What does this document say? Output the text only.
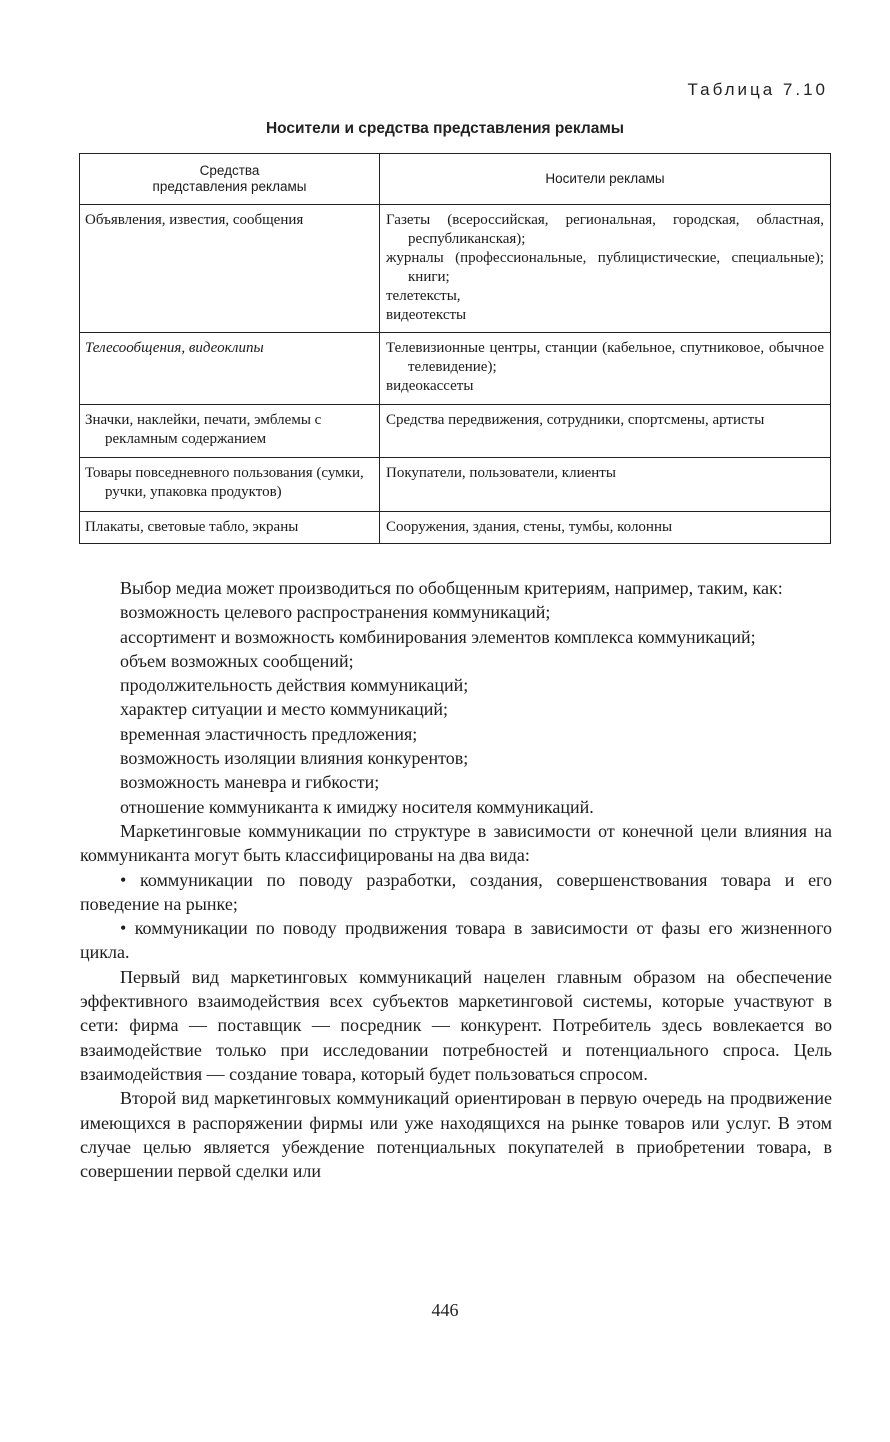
Таблица 7.10
Носители и средства представления рекламы
Средства
представления рекламы	Носители рекламы

Объявления, известия, сообщения	Газеты (всероссийская, региональная, городская, областная, республиканская);
журналы (профессиональные, публицистические, специальные); книги;
телетексты,
видеотексты

Телесообщения, видеоклипы	Телевизионные центры, станции (кабельное, спутниковое, обычное телевидение);
видеокассеты

Значки, наклейки, печати, эмблемы с рекламным содержанием	Средства передвижения, сотрудники, спортсмены, артисты

Товары повседневного пользования (сумки, ручки, упаковка продуктов)	Покупатели, пользователи, клиенты

Плакаты, световые табло, экраны	Сооружения, здания, стены, тумбы, колонны

Выбор медиа может производиться по обобщенным критериям, например, таким, как:

возможность целевого распространения коммуникаций;

ассортимент и возможность комбинирования элементов комплекса коммуникаций;

объем возможных сообщений;

продолжительность действия коммуникаций;

характер ситуации и место коммуникаций;

временная эластичность предложения;

возможность изоляции влияния конкурентов;

возможность маневра и гибкости;

отношение коммуниканта к имиджу носителя коммуникаций.

Маркетинговые коммуникации по структуре в зависимости от конечной цели влияния на коммуниканта могут быть классифицированы на два вида:

• коммуникации по поводу разработки, создания, совершенствования товара и его поведение на рынке;

• коммуникации по поводу продвижения товара в зависимости от фазы его жизненного цикла.

Первый вид маркетинговых коммуникаций нацелен главным образом на обеспечение эффективного взаимодействия всех субъектов маркетинговой системы, которые участвуют в сети: фирма — поставщик — посредник — конкурент. Потребитель здесь вовлекается во взаимодействие только при исследовании потребностей и потенциального спроса. Цель взаимодействия — создание товара, который будет пользоваться спросом.

Второй вид маркетинговых коммуникаций ориентирован в первую очередь на продвижение имеющихся в распоряжении фирмы или уже находящихся на рынке товаров или услуг. В этом случае целью является убеждение потенциальных покупателей в приобретении товара, в совершении первой сделки или

446
